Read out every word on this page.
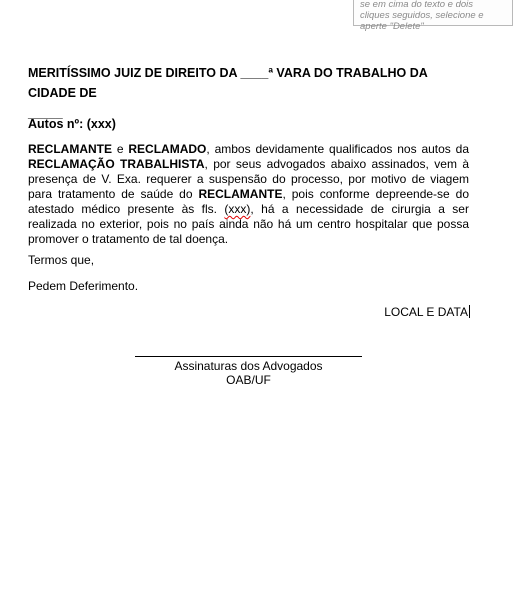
se em cima do texto e dois
cliques seguidos, selecione e
aperte "Delete"
MERITÍSSIMO JUIZ DE DIREITO DA ____ª VARA DO TRABALHO DA CIDADE DE
_____
Autos nº: (xxx)
RECLAMANTE e RECLAMADO, ambos devidamente qualificados nos autos da RECLAMAÇÃO TRABALHISTA, por seus advogados abaixo assinados, vem à presença de V. Exa. requerer a suspensão do processo, por motivo de viagem para tratamento de saúde do RECLAMANTE, pois conforme depreende-se do atestado médico presente às fls. (xxx), há a necessidade de cirurgia a ser realizada no exterior, pois no país ainda não há um centro hospitalar que possa promover o tratamento de tal doença.
Termos que,
Pedem Deferimento.
LOCAL E DATA
Assinaturas dos Advogados
OAB/UF
